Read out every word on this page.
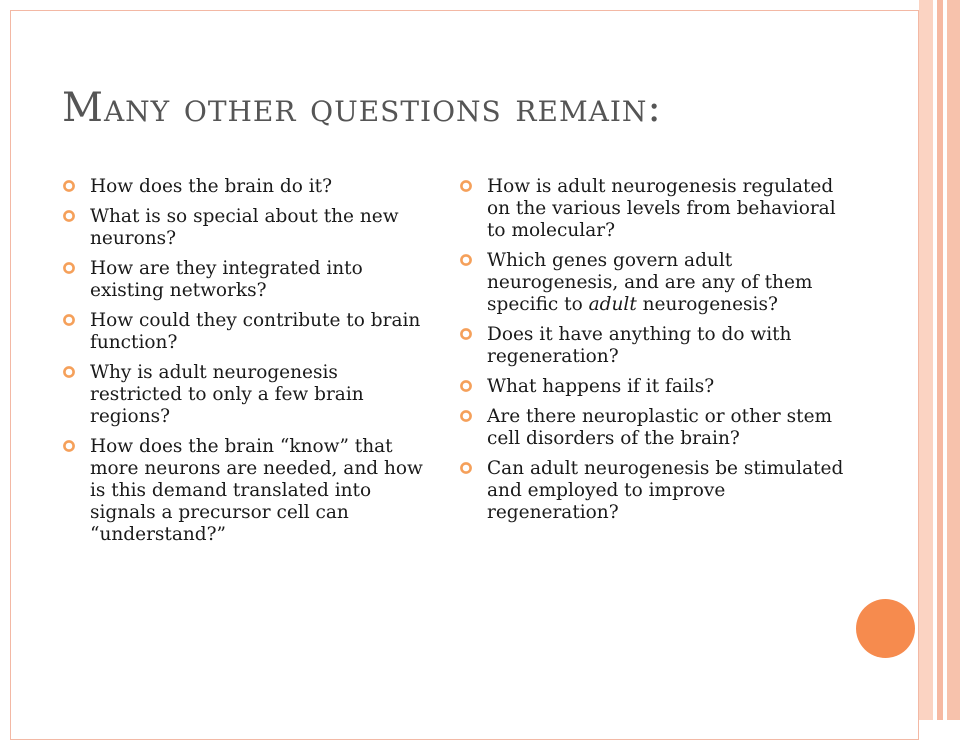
Many other questions remain:
How does the brain do it?
What is so special about the new neurons?
How are they integrated into existing networks?
How could they contribute to brain function?
Why is adult neurogenesis restricted to only a few brain regions?
How does the brain “know” that more neurons are needed, and how is this demand translated into signals a precursor cell can “understand?”
How is adult neurogenesis regulated on the various levels from behavioral to molecular?
Which genes govern adult neurogenesis, and are any of them specific to adult neurogenesis?
Does it have anything to do with regeneration?
What happens if it fails?
Are there neuroplastic or other stem cell disorders of the brain?
Can adult neurogenesis be stimulated and employed to improve regeneration?
